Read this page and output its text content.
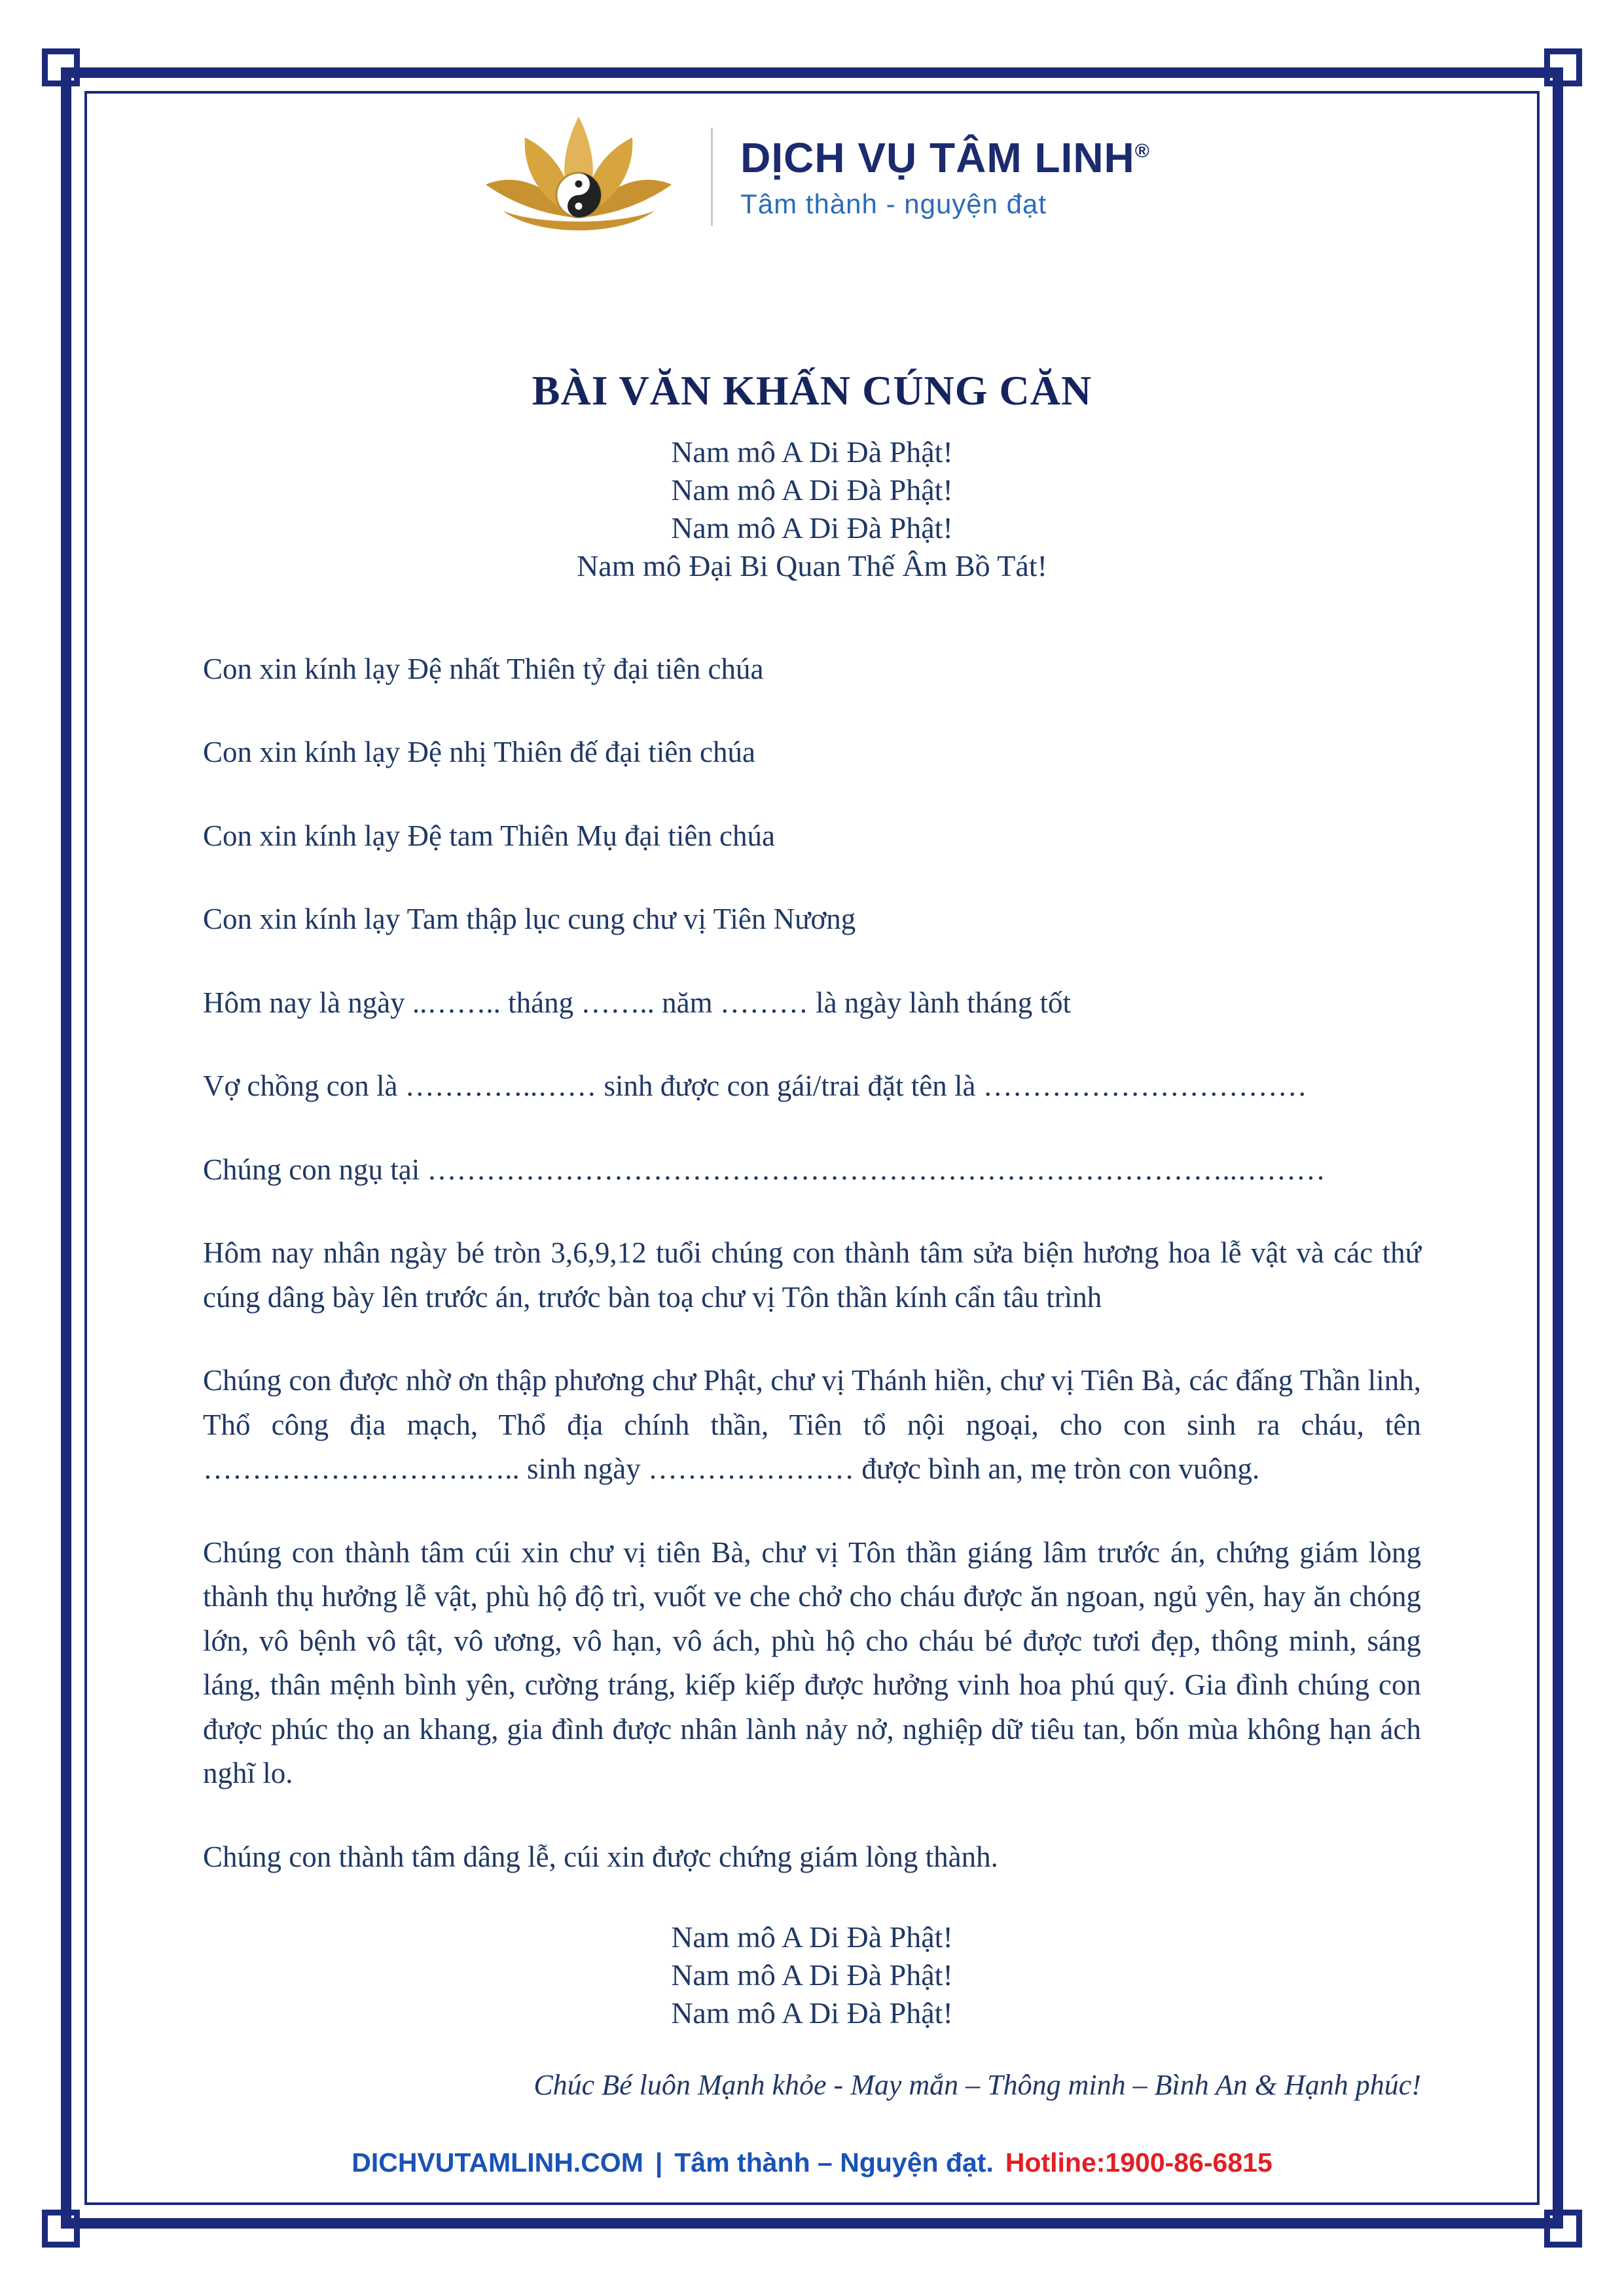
DỊCH VỤ TÂM LINH®
Tâm thành - nguyện đạt
BÀI VĂN KHẤN CÚNG CĂN

Nam mô A Di Đà Phật!

Nam mô A Di Đà Phật!

Nam mô A Di Đà Phật!

Nam mô Đại Bi Quan Thế Âm Bồ Tát!

Con xin kính lạy Đệ nhất Thiên tỷ đại tiên chúa

Con xin kính lạy Đệ nhị Thiên đế đại tiên chúa

Con xin kính lạy Đệ tam Thiên Mụ đại tiên chúa

Con xin kính lạy Tam thập lục cung chư vị Tiên Nương

Hôm nay là ngày ..…….. tháng …….. năm ……… là ngày lành tháng tốt

Vợ chồng con là …………..…… sinh được con gái/trai đặt tên là ……………………………

Chúng con ngụ tại ………………………………………………………………………..………

Hôm nay nhân ngày bé tròn 3,6,9,12 tuổi chúng con thành tâm sửa biện hương hoa lễ vật và các thứ cúng dâng bày lên trước án, trước bàn toạ chư vị Tôn thần kính cẩn tâu trình

Chúng con được nhờ ơn thập phương chư Phật, chư vị Thánh hiền, chư vị Tiên Bà, các đấng Thần linh, Thổ công địa mạch, Thổ địa chính thần, Tiên tổ nội ngoại, cho con sinh ra cháu, tên ……………………….….. sinh ngày ………………… được bình an, mẹ tròn con vuông.

Chúng con thành tâm cúi xin chư vị tiên Bà, chư vị Tôn thần giáng lâm trước án, chứng giám lòng thành thụ hưởng lễ vật, phù hộ độ trì, vuốt ve che chở cho cháu được ăn ngoan, ngủ yên, hay ăn chóng lớn, vô bệnh vô tật, vô ương, vô hạn, vô ách, phù hộ cho cháu bé được tươi đẹp, thông minh, sáng láng, thân mệnh bình yên, cường tráng, kiếp kiếp được hưởng vinh hoa phú quý. Gia đình chúng con được phúc thọ an khang, gia đình được nhân lành nảy nở, nghiệp dữ tiêu tan, bốn mùa không hạn ách nghĩ lo.

Chúng con thành tâm dâng lễ, cúi xin được chứng giám lòng thành.

Nam mô A Di Đà Phật!

Nam mô A Di Đà Phật!

Nam mô A Di Đà Phật!

Chúc Bé luôn Mạnh khỏe - May mắn – Thông minh – Bình An & Hạnh phúc!

DICHVUTAMLINH.COM | Tâm thành – Nguyện đạt. Hotline:1900-86-6815
